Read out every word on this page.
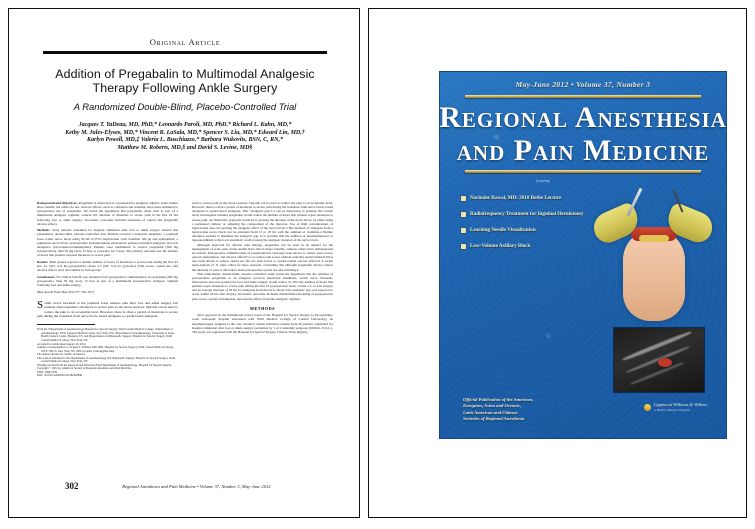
Original Article
Addition of Pregabalin to Multimodal Analgesic
Therapy Following Ankle Surgery
A Randomized Double-Blind, Placebo-Controlled Trial
Jacques T. YaDeau, MD, PhD,* Leonardo Paroli, MD, PhD,* Richard L. Kahn, MD,*
Kethy M. Jules-Elysee, MD,* Vincent R. LaSala, MD,* Spencer S. Liu, MD,* Edward Lin, MD,†
Karlyn Powell, MD,‡ Valeria L. Buschiazzo,* Barbara Wukovits, BSN, C, RN,*
Matthew M. Roberts, MD,§ and David S. Levine, MD§

Background and Objectives: Pregabalin is often used as a perioperative analgesic adjunct; some studies show benefit, but others do not. Adverse effects, such as confusion and sedation, have been attributed to perioperative use of pregabalin. We tested the hypothesis that pregabalin, when used as part of a multimodal analgesic regimen, reduces the duration of moderate to severe pain in the first 24 hrs following foot or ankle surgery. Secondary outcomes included measures of opioid and pregabalin adverse effects.

Methods: Sixty patients scheduled for hospital admission after foot or ankle surgery entered this randomized, double-blind, placebo-controlled trial. Patients received a neuraxial anesthetic, a popliteal fossa sciatic nerve block using 30 mL 0.375% bupivacaine with clonidine 100 μg and epinephrine, a saphenous nerve block, postoperative hydromorphone intravenous patient-controlled analgesia, and oral analgesics (oxycodone/acetaminophen). Patients were randomized to receive pregabalin (300 mg preoperatively, then 50 mg every 12 hrs) or a placebo for 3 days. The primary outcome was the number of hours that patients reported moderate to severe pain.

Results: Both groups reported a similar number of hours of moderate to severe pain during the first 24 hrs: 4.1 (SD, 4.1) hrs (pregabalin) versus 4.5 (SD, 3.5) hrs (placebo). Pain scores, opioid use, and adverse effects were also similar in both groups.

Conclusions: No clinical benefit was obtained from perioperative administration of pregabalin (300 mg preoperative, then 50 mg every 12 hrs) as part of a multimodal postoperative analgesic regimen following foot and ankle surgery.

(Reg Anesth Pain Med 2012;37: 302–307)

Sciatic nerve blockade at the popliteal fossa reduces pain after foot and ankle surgery, but patients often experience moderate to severe pain as the block resolves. Opioids can be used to reduce the pain to an acceptable level. However, there is often a period of moderate to severe pain during the transition from nerve block–based analgesia to opioid-based analgesia.

From the *Department of Anesthesiology Hospital for Special Surgery, Weill Cornell Medical College; †Department of Anesthesiology, NYU Langone Medical Center, New York, NY; ‡Department of Anesthesiology, University of Texas Health Science Center, Houston, TX; and §Department of Orthopaedic Surgery, Hospital for Special Surgery, Weill Cornell Medical College, New York, NY.

Accepted for publication January 20, 2012.

Address correspondence to: Jacques T. YaDeau, MD, PhD, Hospital for Special Surgery, Weill Cornell Medical College, 535 E 70th St, New York, NY 10021 (e-mail: yadeauj@hss.edu).

The authors declare no conflict of interest.

This work if attributed to the Departments of Anesthesiology and Orthopedic Surgery, Hospital for Special Surgery, Weill Cornell Medical College, New York, NY.

Funding received from the Research and Education Fund Department of Anesthesiology, Hospital for Special Surgery.

Copyright © 2012 by American Society of Regional Anesthesia and Pain Medicine

ISSN: 1098-7339

DOI: 10.1097/AAP.0b013e31824e6846

erate to severe pain as the block resolves. Opioids can be used to reduce the pain to an acceptable level. However, there is often a period of moderate to severe pain during the transition from nerve block–based analgesia to opioid-based analgesia. This “analgesic gap”1,2 can be distressing to patients; the current study investigated whether pregabalin would reduce the number of hours that patients report moderate to severe pain. An alternative approach would be to prolong the duration of the nerve block, by either using a perineural catheter or adjusting the composition of the injectate. Use of high concentrations of bupivacaine does not prolong the analgesic effect of the nerve block.3 The duration of analgesia from a bupivacaine nerve block can be extended from 13 to 18 hrs with the addition of clonidine.4 Neither alteration seemed to eliminate the analgesic gap. It is possible that the addition of dexamethasone5 or buprenorphine6 to the local anesthetic could prolong the analgesic duration of the nerve block.

Although approved for chronic pain therapy, pregabalin can be used as an adjunct for the management of acute pain. Some studies have shown major benefits, whereas others have demonstrated no benefit. Perioperative administration of pregabalin has variously been shown to reduce pain scores, opioid consumption, and adverse effects7 or to reduce pain scores without reducing opioid intake.8 It has also been shown to reduce opioid use but not pain scores or opioid-related adverse effects.9 A recent meta-analysis of 11 trials called for more research, concluding that although pregabalin did not reduce the intensity of pain, it did reduce both postoperative opioid use and vomiting.9

This randomized, double-blind, placebo-controlled study tested the hypothesis that the addition of perioperative pregabalin to an analgesic protocol (neuraxial anesthesia, sciatic nerve blockade, intravenous and oral opioids) for foot and ankle surgery would reduce by 30% the number of hours that patients report moderate to severe pain during the first 24 postoperative hours. Given a 3- to 4-hr surgery and an average duration of 18 hrs for analgesia from the nerve block,3 the analgesic gap was expected to occur within 24 hrs after surgery. Secondary outcomes included misidentified modeling of postoperative pain scores, opioid consumption, and adverse effects from the analgesic regimen.

METHODS

After approval by the institutional review board of the Hospital for Special Surgery (a 29-operating-room orthopedic hospital associated with Weill Medical College of Cornell University), an anesthesiologist assigned to the case obtained written informed consent from 60 patients scheduled for hospital admission after foot or ankle surgery performed by 1 of 2 attending surgeons (M.M.R., D.S.L.). The study was registered with the Hospital for Special Surgery Clinical Trials Registry

302	Regional Anesthesia and Pain Medicine • Volume 37, Number 3, May-June 2012
May-June 2012 • Volume 37, Number 3
Regional Anesthesia
and Pain Medicine
featuring
Narinder Rawal, MD: 2010 Bethe Lecture
Radiofrequency Treatment for Inguinal Herniotomy
Learning Needle Visualization
Low-Volume Axillary Block
Official Publication of the American,
European, Asian and Oceanic,
Latin American and Chinese
Societies of Regional Anesthesia
Lippincott Williams & Wilkins
a Wolters Kluwer business
